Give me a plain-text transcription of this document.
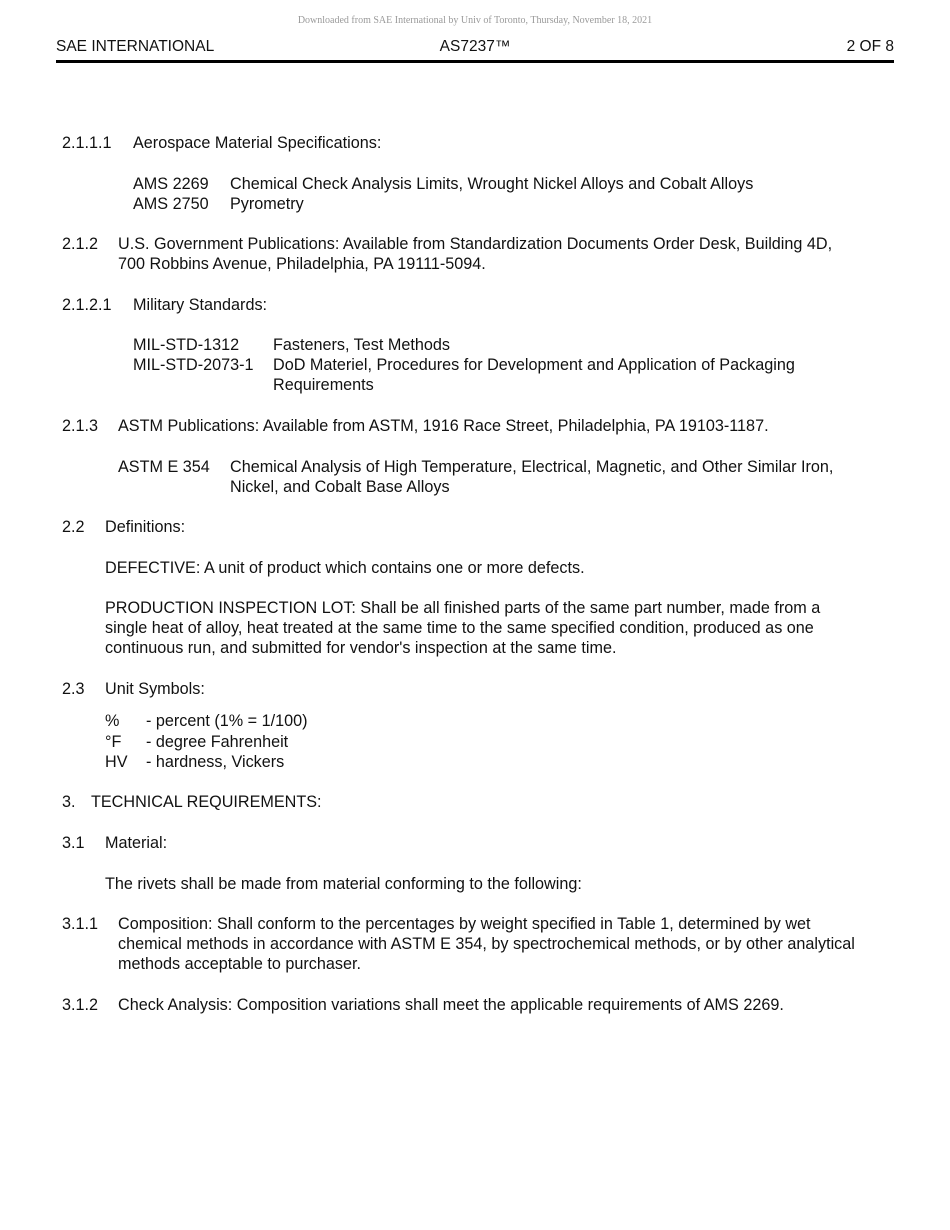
Downloaded from SAE International by Univ of Toronto, Thursday, November 18, 2021
SAE INTERNATIONAL	AS7237™	2 OF 8
2.1.1.1 Aerospace Material Specifications:
AMS 2269 Chemical Check Analysis Limits, Wrought Nickel Alloys and Cobalt Alloys
AMS 2750 Pyrometry
2.1.2 U.S. Government Publications: Available from Standardization Documents Order Desk, Building 4D, 700 Robbins Avenue, Philadelphia, PA 19111-5094.
2.1.2.1 Military Standards:
MIL-STD-1312 Fasteners, Test Methods
MIL-STD-2073-1 DoD Materiel, Procedures for Development and Application of Packaging Requirements
2.1.3 ASTM Publications: Available from ASTM, 1916 Race Street, Philadelphia, PA 19103-1187.
ASTM E 354 Chemical Analysis of High Temperature, Electrical, Magnetic, and Other Similar Iron, Nickel, and Cobalt Base Alloys
2.2 Definitions:
DEFECTIVE: A unit of product which contains one or more defects.
PRODUCTION INSPECTION LOT: Shall be all finished parts of the same part number, made from a single heat of alloy, heat treated at the same time to the same specified condition, produced as one continuous run, and submitted for vendor's inspection at the same time.
2.3 Unit Symbols:
% - percent (1% = 1/100)
°F - degree Fahrenheit
HV - hardness, Vickers
3. TECHNICAL REQUIREMENTS:
3.1 Material:
The rivets shall be made from material conforming to the following:
3.1.1 Composition: Shall conform to the percentages by weight specified in Table 1, determined by wet chemical methods in accordance with ASTM E 354, by spectrochemical methods, or by other analytical methods acceptable to purchaser.
3.1.2 Check Analysis: Composition variations shall meet the applicable requirements of AMS 2269.
